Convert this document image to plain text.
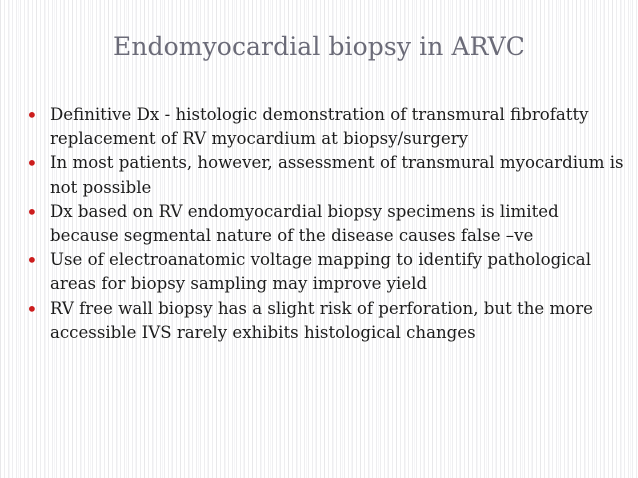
Endomyocardial biopsy in ARVC
• Definitive Dx - histologic demonstration of transmural fibrofatty replacement of RV myocardium at biopsy/surgery
• In most patients, however, assessment of transmural myocardium is not possible
• Dx based on RV endomyocardial biopsy specimens is limited because segmental nature of the disease causes false –ve
• Use of electroanatomic voltage mapping to identify pathological areas for biopsy sampling may improve yield
• RV free wall biopsy has a slight risk of perforation, but the more accessible IVS rarely exhibits histological changes
